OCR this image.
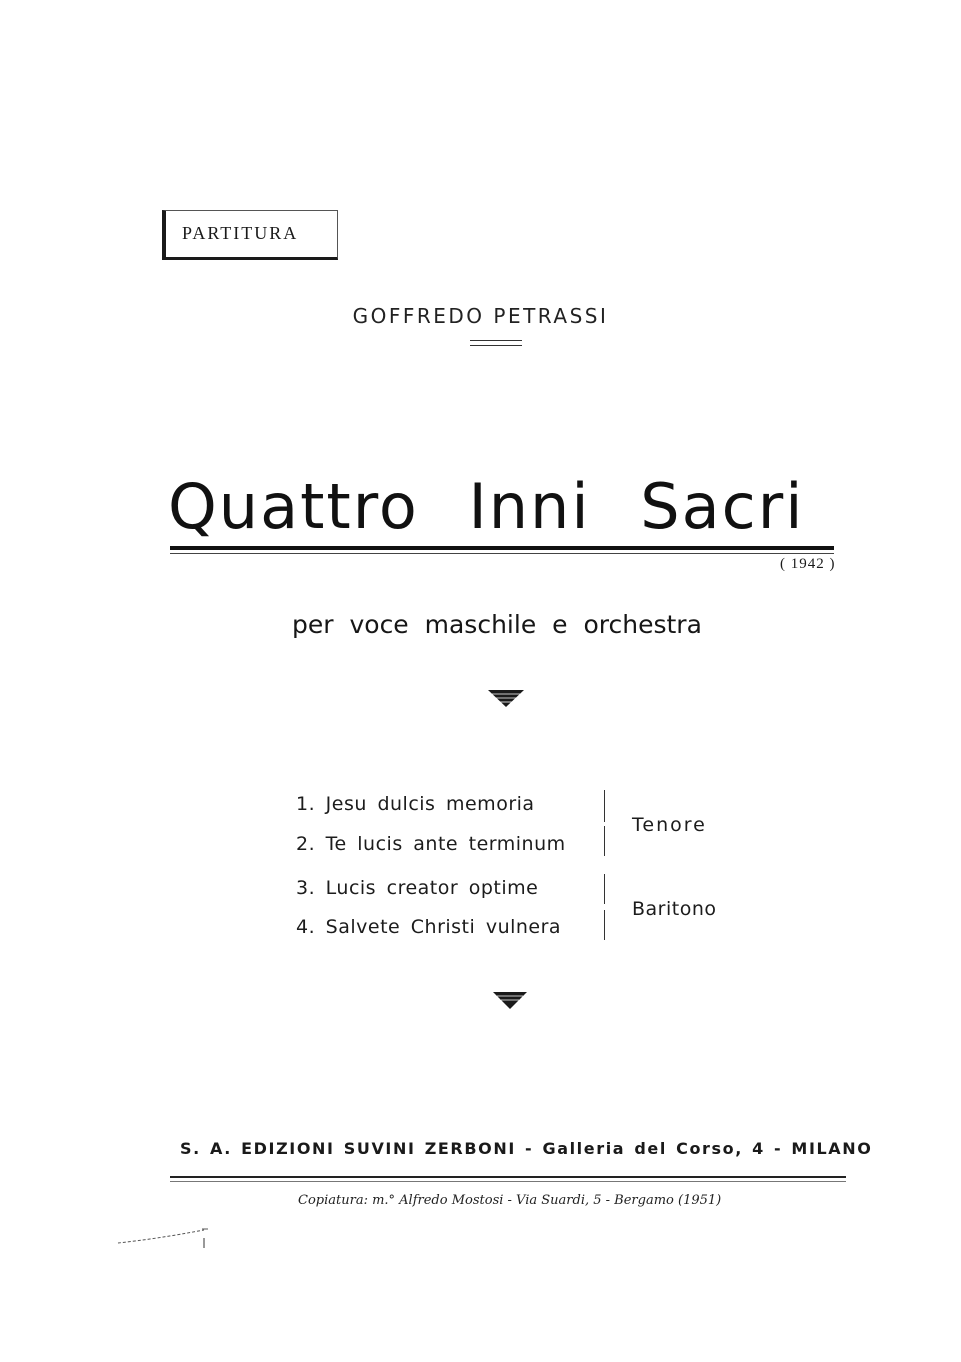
PARTITURA
GOFFREDO PETRASSI
Quattro Inni Sacri
( 1942 )
per voce maschile e orchestra
1. Jesu dulcis memoria
2. Te lucis ante terminum
3. Lucis creator optime
4. Salvete Christi vulnera
Tenore
Baritono
S. A. EDIZIONI SUVINI ZERBONI - Galleria del Corso, 4 - MILANO
Copiatura: m.° Alfredo Mostosi - Via Suardi, 5 - Bergamo (1951)
